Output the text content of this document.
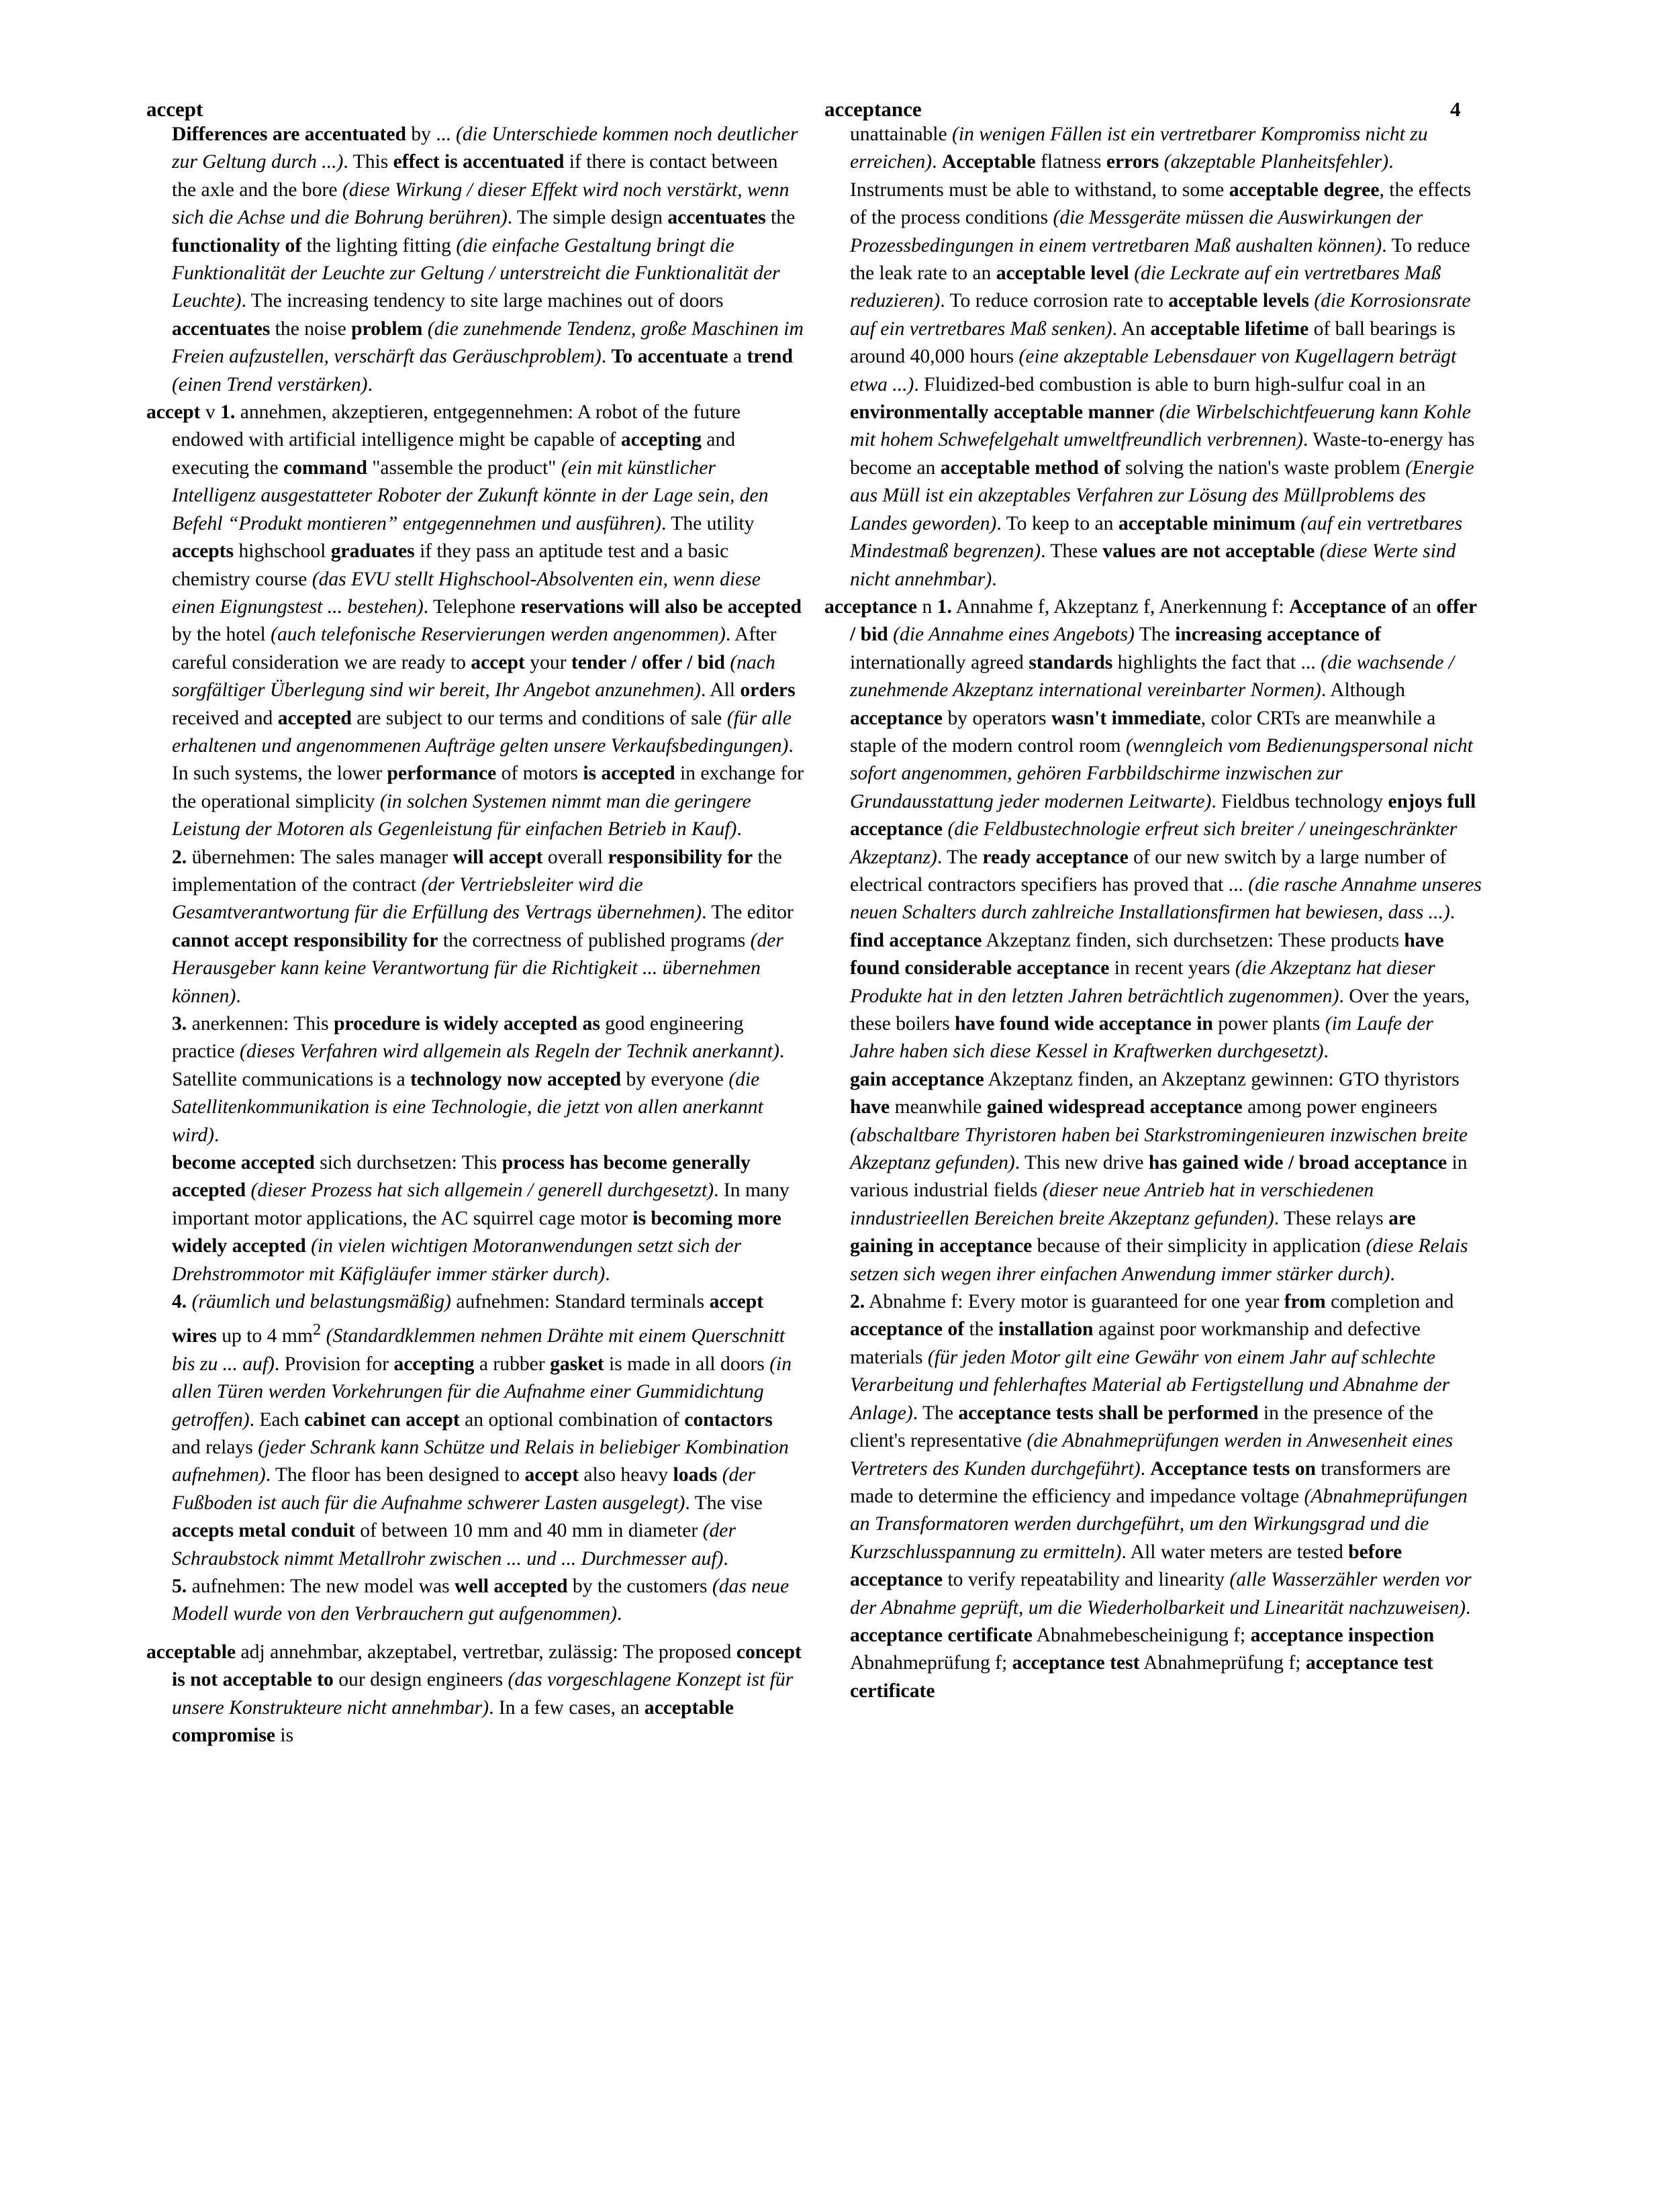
accept	acceptance	4
Differences are accentuated by ... (die Unterschiede kommen noch deutlicher zur Geltung durch ...). This effect is accentuated if there is contact between the axle and the bore (diese Wirkung / dieser Effekt wird noch verstärkt, wenn sich die Achse und die Bohrung berühren). The simple design accentuates the functionality of the lighting fitting (die einfache Gestaltung bringt die Funktionalität der Leuchte zur Geltung / unterstreicht die Funktionalität der Leuchte). The increasing tendency to site large machines out of doors accentuates the noise problem (die zunehmende Tendenz, große Maschinen im Freien aufzustellen, verschärft das Geräuschproblem). To accentuate a trend (einen Trend verstärken).
accept v 1. annehmen, akzeptieren, entgegennehmen: A robot of the future endowed with artificial intelligence might be capable of accepting and executing the command "assemble the product" (ein mit künstlicher Intelligenz ausgestatteter Roboter der Zukunft könnte in der Lage sein, den Befehl “Produkt montieren” entgegennehmen und ausführen). The utility accepts highschool graduates if they pass an aptitude test and a basic chemistry course (das EVU stellt Highschool-Absolventen ein, wenn diese einen Eignungstest ... bestehen). Telephone reservations will also be accepted by the hotel (auch telefonische Reservierungen werden angenommen). After careful consideration we are ready to accept your tender / offer / bid (nach sorgfältiger Überlegung sind wir bereit, Ihr Angebot anzunehmen). All orders received and accepted are subject to our terms and conditions of sale (für alle erhaltenen und angenommenen Aufträge gelten unsere Verkaufsbedingungen). In such systems, the lower performance of motors is accepted in exchange for the operational simplicity (in solchen Systemen nimmt man die geringere Leistung der Motoren als Gegenleistung für einfachen Betrieb in Kauf).
2. übernehmen: The sales manager will accept overall responsibility for the implementation of the contract (der Vertriebsleiter wird die Gesamtverantwortung für die Erfüllung des Vertrags übernehmen). The editor cannot accept responsibility for the correctness of published programs (der Herausgeber kann keine Verantwortung für die Richtigkeit ... übernehmen können).
3. anerkennen: This procedure is widely accepted as good engineering practice (dieses Verfahren wird allgemein als Regeln der Technik anerkannt). Satellite communications is a technology now accepted by everyone (die Satellitenkommunikation is eine Technologie, die jetzt von allen anerkannt wird).
become accepted sich durchsetzen: This process has become generally accepted (dieser Prozess hat sich allgemein / generell durchgesetzt). In many important motor applications, the AC squirrel cage motor is becoming more widely accepted (in vielen wichtigen Motoranwendungen setzt sich der Drehstrommotor mit Käfigläufer immer stärker durch).
4. (räumlich und belastungsmäßig) aufnehmen: Standard terminals accept wires up to 4 $mm^2$ (Standardklemmen nehmen Drähte mit einem Querschnitt bis zu ... auf). Provision for accepting a rubber gasket is made in all doors (in allen Türen werden Vorkehrungen für die Aufnahme einer Gummidichtung getroffen). Each cabinet can accept an optional combination of contactors and relays (jeder Schrank kann Schütze und Relais in beliebiger Kombination aufnehmen). The floor has been designed to accept also heavy loads (der Fußboden ist auch für die Aufnahme schwerer Lasten ausgelegt). The vise accepts metal conduit of between 10 mm and 40 mm in diameter (der Schraubstock nimmt Metallrohr zwischen ... und ... Durchmesser auf).
5. aufnehmen: The new model was well accepted by the customers (das neue Modell wurde von den Verbrauchern gut aufgenommen).
acceptable adj annehmbar, akzeptabel, vertretbar, zulässig: The proposed concept is not acceptable to our design engineers (das vorgeschlagene Konzept ist für unsere Konstrukteure nicht annehmbar). In a few cases, an acceptable compromise is
unattainable (in wenigen Fällen ist ein vertretbarer Kompromiss nicht zu erreichen). Acceptable flatness errors (akzeptable Planheitsfehler). Instruments must be able to withstand, to some acceptable degree, the effects of the process conditions (die Messgeräte müssen die Auswirkungen der Prozessbedingungen in einem vertretbaren Maß aushalten können). To reduce the leak rate to an acceptable level (die Leckrate auf ein vertretbares Maß reduzieren). To reduce corrosion rate to acceptable levels (die Korrosionsrate auf ein vertretbares Maß senken). An acceptable lifetime of ball bearings is around 40,000 hours (eine akzeptable Lebensdauer von Kugellagern beträgt etwa ...). Fluidized-bed combustion is able to burn high-sulfur coal in an environmentally acceptable manner (die Wirbelschichtfeuerung kann Kohle mit hohem Schwefelgehalt umweltfreundlich verbrennen). Waste-to-energy has become an acceptable method of solving the nation's waste problem (Energie aus Müll ist ein akzeptables Verfahren zur Lösung des Müllproblems des Landes geworden). To keep to an acceptable minimum (auf ein vertretbares Mindestmaß begrenzen). These values are not acceptable (diese Werte sind nicht annehmbar).
acceptance n 1. Annahme f, Akzeptanz f, Anerkennung f: Acceptance of an offer / bid (die Annahme eines Angebots) The increasing acceptance of internationally agreed standards highlights the fact that ... (die wachsende / zunehmende Akzeptanz international vereinbarter Normen). Although acceptance by operators wasn't immediate, color CRTs are meanwhile a staple of the modern control room (wenngleich vom Bedienungspersonal nicht sofort angenommen, gehören Farbbildschirme inzwischen zur Grundausstattung jeder modernen Leitwarte). Fieldbus technology enjoys full acceptance (die Feldbustechnologie erfreut sich breiter / uneingeschränkter Akzeptanz). The ready acceptance of our new switch by a large number of electrical contractors specifiers has proved that ... (die rasche Annahme unseres neuen Schalters durch zahlreiche Installationsfirmen hat bewiesen, dass ...).
find acceptance Akzeptanz finden, sich durchsetzen: These products have found considerable acceptance in recent years (die Akzeptanz hat dieser Produkte hat in den letzten Jahren beträchtlich zugenommen). Over the years, these boilers have found wide acceptance in power plants (im Laufe der Jahre haben sich diese Kessel in Kraftwerken durchgesetzt).
gain acceptance Akzeptanz finden, an Akzeptanz gewinnen: GTO thyristors have meanwhile gained widespread acceptance among power engineers (abschaltbare Thyristoren haben bei Starkstromingenieuren inzwischen breite Akzeptanz gefunden). This new drive has gained wide / broad acceptance in various industrial fields (dieser neue Antrieb hat in verschiedenen inndustrieellen Bereichen breite Akzeptanz gefunden). These relays are gaining in acceptance because of their simplicity in application (diese Relais setzen sich wegen ihrer einfachen Anwendung immer stärker durch).
2. Abnahme f: Every motor is guaranteed for one year from completion and acceptance of the installation against poor workmanship and defective materials (für jeden Motor gilt eine Gewähr von einem Jahr auf schlechte Verarbeitung und fehlerhaftes Material ab Fertigstellung und Abnahme der Anlage). The acceptance tests shall be performed in the presence of the client's representative (die Abnahmeprüfungen werden in Anwesenheit eines Vertreters des Kunden durchgeführt). Acceptance tests on transformers are made to determine the efficiency and impedance voltage (Abnahmeprüfungen an Transformatoren werden durchgeführt, um den Wirkungsgrad und die Kurzschlusspannung zu ermitteln). All water meters are tested before acceptance to verify repeatability and linearity (alle Wasserzähler werden vor der Abnahme geprüft, um die Wiederholbarkeit und Linearität nachzuweisen).
acceptance certificate Abnahmebescheinigung f; acceptance inspection Abnahmeprüfung f; acceptance test Abnahmeprüfung f; acceptance test certificate
